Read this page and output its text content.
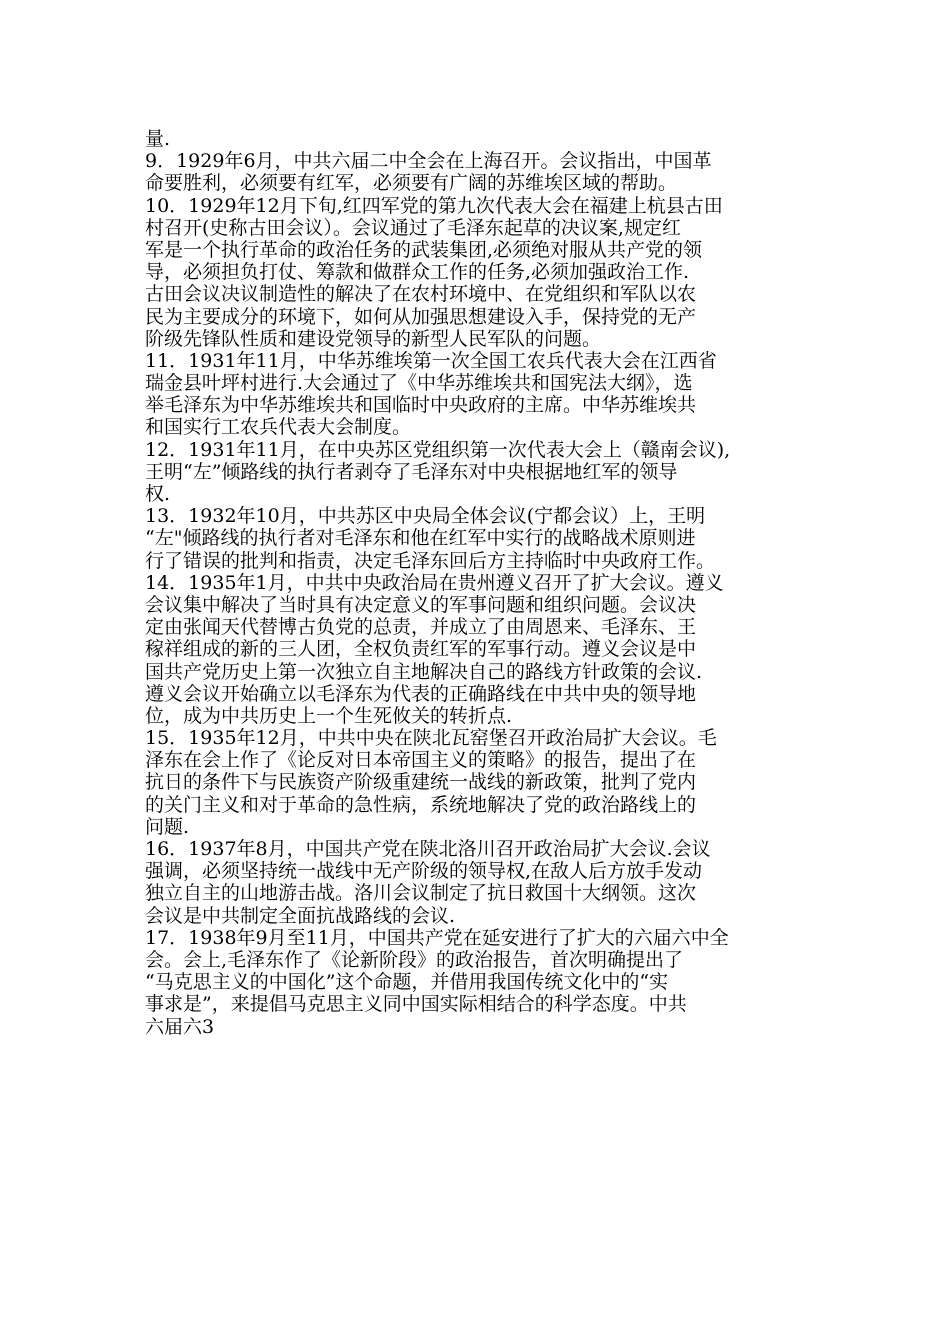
量.
9．1929年6月，中共六届二中全会在上海召开。会议指出，中国革
命要胜利，必须要有红军，必须要有广阔的苏维埃区域的帮助。
10．1929年12月下旬,红四军党的第九次代表大会在福建上杭县古田
村召开(史称古田会议）。会议通过了毛泽东起草的决议案,规定红
军是一个执行革命的政治任务的武装集团,必须绝对服从共产党的领
导，必须担负打仗、筹款和做群众工作的任务,必须加强政治工作.
古田会议决议制造性的解决了在农村环境中、在党组织和军队以农
民为主要成分的环境下，如何从加强思想建设入手，保持党的无产
阶级先锋队性质和建设党领导的新型人民军队的问题。
11．1931年11月，中华苏维埃第一次全国工农兵代表大会在江西省
瑞金县叶坪村进行.大会通过了《中华苏维埃共和国宪法大纲》，选
举毛泽东为中华苏维埃共和国临时中央政府的主席。中华苏维埃共
和国实行工农兵代表大会制度。
12．1931年11月，在中央苏区党组织第一次代表大会上（赣南会议),
王明“左”倾路线的执行者剥夺了毛泽东对中央根据地红军的领导
权.
13．1932年10月，中共苏区中央局全体会议(宁都会议）上，王明
“左"倾路线的执行者对毛泽东和他在红军中实行的战略战术原则进
行了错误的批判和指责，决定毛泽东回后方主持临时中央政府工作。
14．1935年1月，中共中央政治局在贵州遵义召开了扩大会议。遵义
会议集中解决了当时具有决定意义的军事问题和组织问题。会议决
定由张闻天代替博古负党的总责，并成立了由周恩来、毛泽东、王
稼祥组成的新的三人团，全权负责红军的军事行动。遵义会议是中
国共产党历史上第一次独立自主地解决自己的路线方针政策的会议.
遵义会议开始确立以毛泽东为代表的正确路线在中共中央的领导地
位，成为中共历史上一个生死攸关的转折点.
15．1935年12月，中共中央在陕北瓦窑堡召开政治局扩大会议。毛
泽东在会上作了《论反对日本帝国主义的策略》的报告，提出了在
抗日的条件下与民族资产阶级重建统一战线的新政策，批判了党内
的关门主义和对于革命的急性病，系统地解决了党的政治路线上的
问题.
16．1937年8月，中国共产党在陕北洛川召开政治局扩大会议.会议
强调，必须坚持统一战线中无产阶级的领导权,在敌人后方放手发动
独立自主的山地游击战。洛川会议制定了抗日救国十大纲领。这次
会议是中共制定全面抗战路线的会议.
17．1938年9月至11月，中国共产党在延安进行了扩大的六届六中全
会。会上,毛泽东作了《论新阶段》的政治报告，首次明确提出了
“马克思主义的中国化”这个命题，并借用我国传统文化中的“实
事求是”，来提倡马克思主义同中国实际相结合的科学态度。中共
六届六3
